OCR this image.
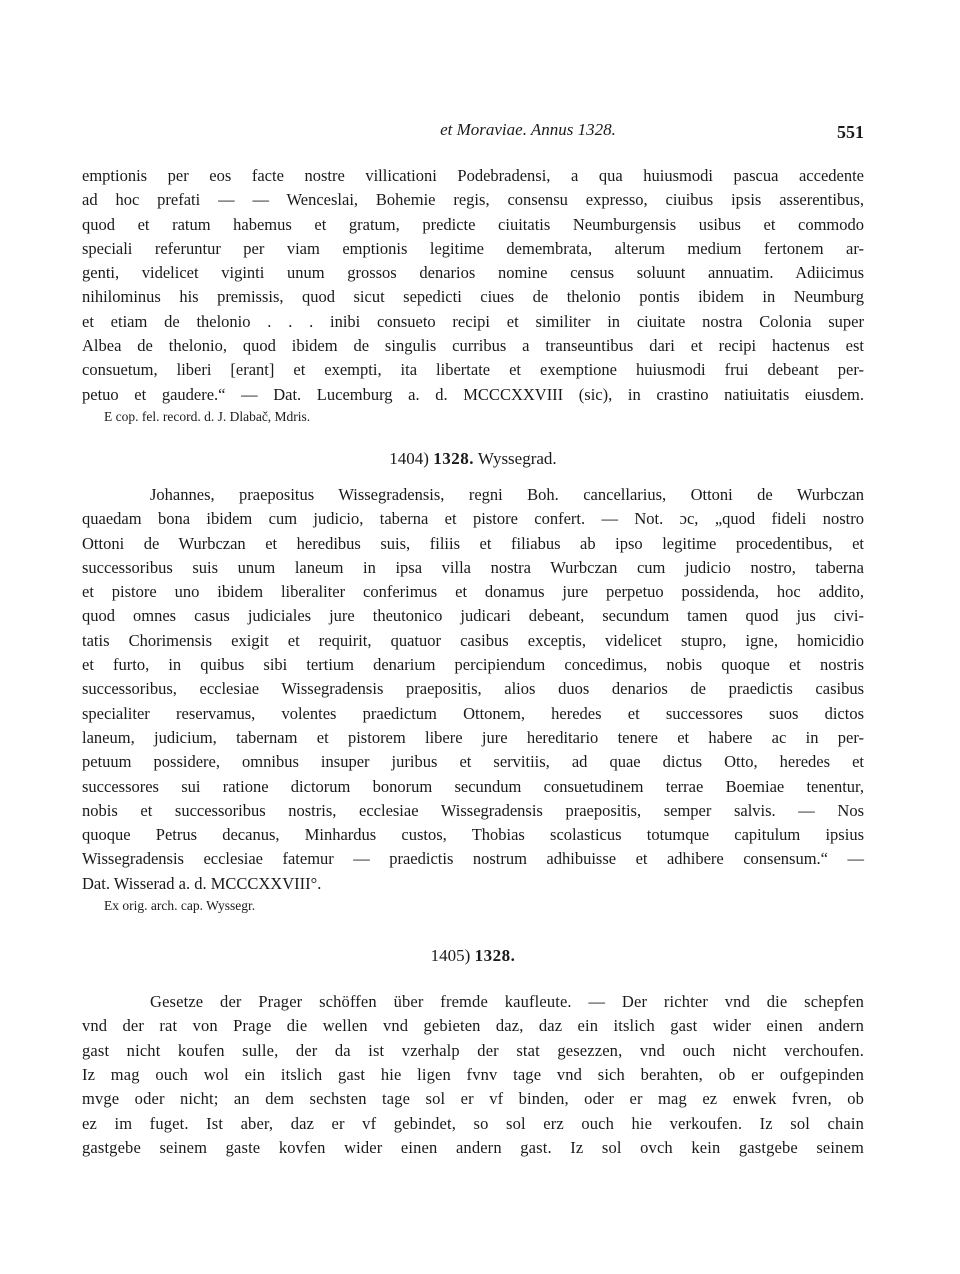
et Moraviae. Annus 1328.	551

emptionis per eos facte nostre villicationi Podebradensi, a qua huiusmodi pascua accedente
ad hoc prefati — — Wenceslai, Bohemie regis, consensu expresso, ciuibus ipsis asserentibus,
quod et ratum habemus et gratum, predicte ciuitatis Neumburgensis usibus et commodo
speciali referuntur per viam emptionis legitime demembrata, alterum medium fertonem ar-
genti, videlicet viginti unum grossos denarios nomine census soluunt annuatim. Adiicimus
nihilominus his premissis, quod sicut sepedicti ciues de thelonio pontis ibidem in Neumburg
et etiam de thelonio . . . inibi consueto recipi et similiter in ciuitate nostra Colonia super
Albea de thelonio, quod ibidem de singulis curribus a transeuntibus dari et recipi hactenus est
consuetum, liberi [erant] et exempti, ita libertate et exemptione huiusmodi frui debeant per-
petuo et gaudere.“ — Dat. Lucemburg a. d. MCCCXXVIII (sic), in crastino natiuitatis eiusdem.

E cop. fel. record. d. J. Dlabač, Mdris.

1404) 1328. Wyssegrad.

Johannes, praepositus Wissegradensis, regni Boh. cancellarius, Ottoni de Wurbczan
quaedam bona ibidem cum judicio, taberna et pistore confert. — Not. ɔc, „quod fideli nostro
Ottoni de Wurbczan et heredibus suis, filiis et filiabus ab ipso legitime procedentibus, et
successoribus suis unum laneum in ipsa villa nostra Wurbczan cum judicio nostro, taberna
et pistore uno ibidem liberaliter conferimus et donamus jure perpetuo possidenda, hoc addito,
quod omnes casus judiciales jure theutonico judicari debeant, secundum tamen quod jus civi-
tatis Chorimensis exigit et requirit, quatuor casibus exceptis, videlicet stupro, igne, homicidio
et furto, in quibus sibi tertium denarium percipiendum concedimus, nobis quoque et nostris
successoribus, ecclesiae Wissegradensis praepositis, alios duos denarios de praedictis casibus
specialiter reservamus, volentes praedictum Ottonem, heredes et successores suos dictos
laneum, judicium, tabernam et pistorem libere jure hereditario tenere et habere ac in per-
petuum possidere, omnibus insuper juribus et servitiis, ad quae dictus Otto, heredes et
successores sui ratione dictorum bonorum secundum consuetudinem terrae Boemiae tenentur,
nobis et successoribus nostris, ecclesiae Wissegradensis praepositis, semper salvis. — Nos
quoque Petrus decanus, Minhardus custos, Thobias scolasticus totumque capitulum ipsius
Wissegradensis ecclesiae fatemur — praedictis nostrum adhibuisse et adhibere consensum.“ —
Dat. Wisserad a. d. MCCCXXVIII°.

Ex orig. arch. cap. Wyssegr.

1405) 1328.

Gesetze der Prager schöffen über fremde kaufleute. — Der richter vnd die schepfen
vnd der rat von Prage die wellen vnd gebieten daz, daz ein itslich gast wider einen andern
gast nicht koufen sulle, der da ist vzerhalp der stat gesezzen, vnd ouch nicht verchoufen.
Iz mag ouch wol ein itslich gast hie ligen fvnv tage vnd sich berahten, ob er oufgepinden
mvge oder nicht; an dem sechsten tage sol er vf binden, oder er mag ez enwek fvren, ob
ez im fuget. Ist aber, daz er vf gebindet, so sol erz ouch hie verkoufen. Iz sol chain
gastgebe seinem gaste kovfen wider einen andern gast. Iz sol ovch kein gastgebe seinem
